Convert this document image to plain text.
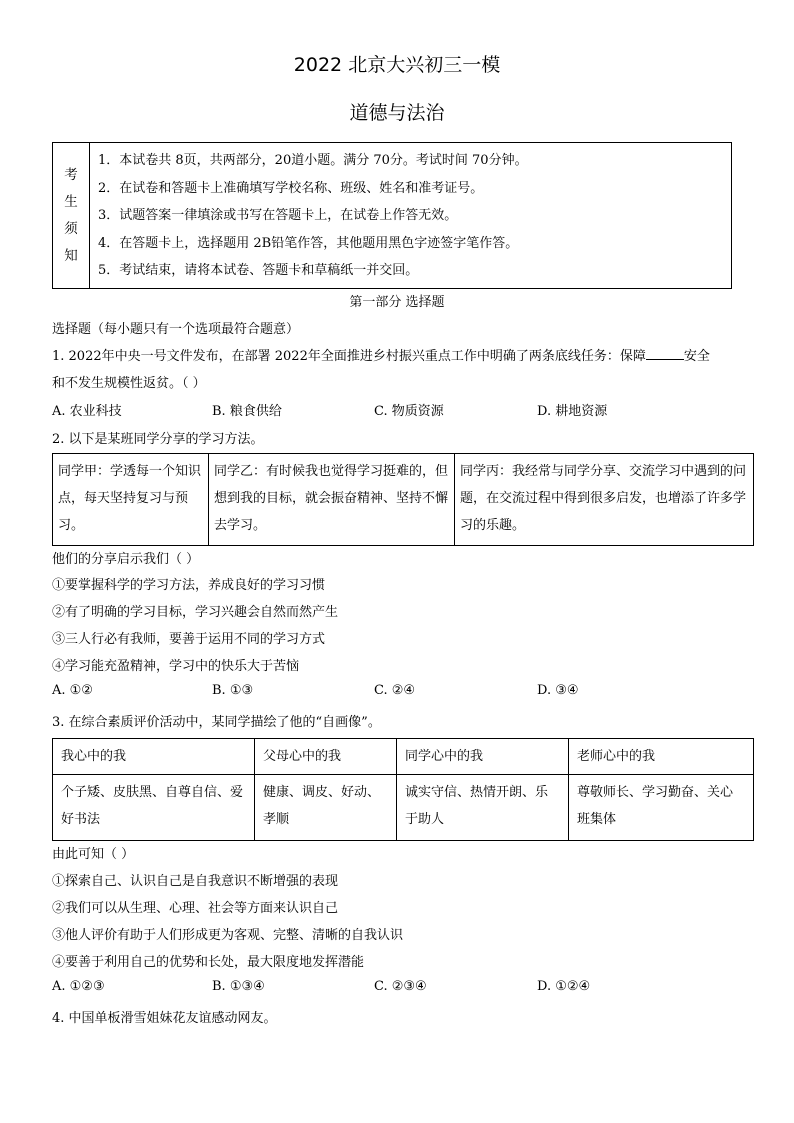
2022 北京大兴初三一模
道德与法治
考
生
须
知

1．本试卷共 8页，共两部分，20道小题。满分 70分。考试时间 70分钟。
2．在试卷和答题卡上准确填写学校名称、班级、姓名和准考证号。
3．试题答案一律填涂或书写在答题卡上，在试卷上作答无效。
4．在答题卡上，选择题用 2B铅笔作答，其他题用黑色字迹签字笔作答。
5．考试结束，请将本试卷、答题卡和草稿纸一并交回。
第一部分 选择题
选择题（每小题只有一个选项最符合题意）
1. 2022年中央一号文件发布，在部署 2022年全面推进乡村振兴重点工作中明确了两条底线任务：保障	安全
和不发生规模性返贫。（ ）
A. 农业科技	B. 粮食供给	C. 物质资源	D. 耕地资源
2. 以下是某班同学分享的学习方法。
同学甲：学透每一个知识点，每天坚持复习与预习。	同学乙：有时候我也觉得学习挺难的，但想到我的目标，就会振奋精神、坚持不懈去学习。	同学丙：我经常与同学分享、交流学习中遇到的问题，在交流过程中得到很多启发，也增添了许多学习的乐趣。
他们的分享启示我们（ ）
①要掌握科学的学习方法，养成良好的学习习惯
②有了明确的学习目标，学习兴趣会自然而然产生
③三人行必有我师，要善于运用不同的学习方式
④学习能充盈精神，学习中的快乐大于苦恼
A. ①②	B. ①③	C. ②④	D. ③④
3. 在综合素质评价活动中，某同学描绘了他的“自画像”。
我心中的我	父母心中的我	同学心中的我	老师心中的我
个子矮、皮肤黑、自尊自信、爱好书法	健康、调皮、好动、孝顺	诚实守信、热情开朗、乐于助人	尊敬师长、学习勤奋、关心班集体
由此可知（ ）
①探索自己、认识自己是自我意识不断增强的表现
②我们可以从生理、心理、社会等方面来认识自己
③他人评价有助于人们形成更为客观、完整、清晰的自我认识
④要善于利用自己的优势和长处，最大限度地发挥潜能
A. ①②③	B. ①③④	C. ②③④	D. ①②④
4. 中国单板滑雪姐妹花友谊感动网友。
